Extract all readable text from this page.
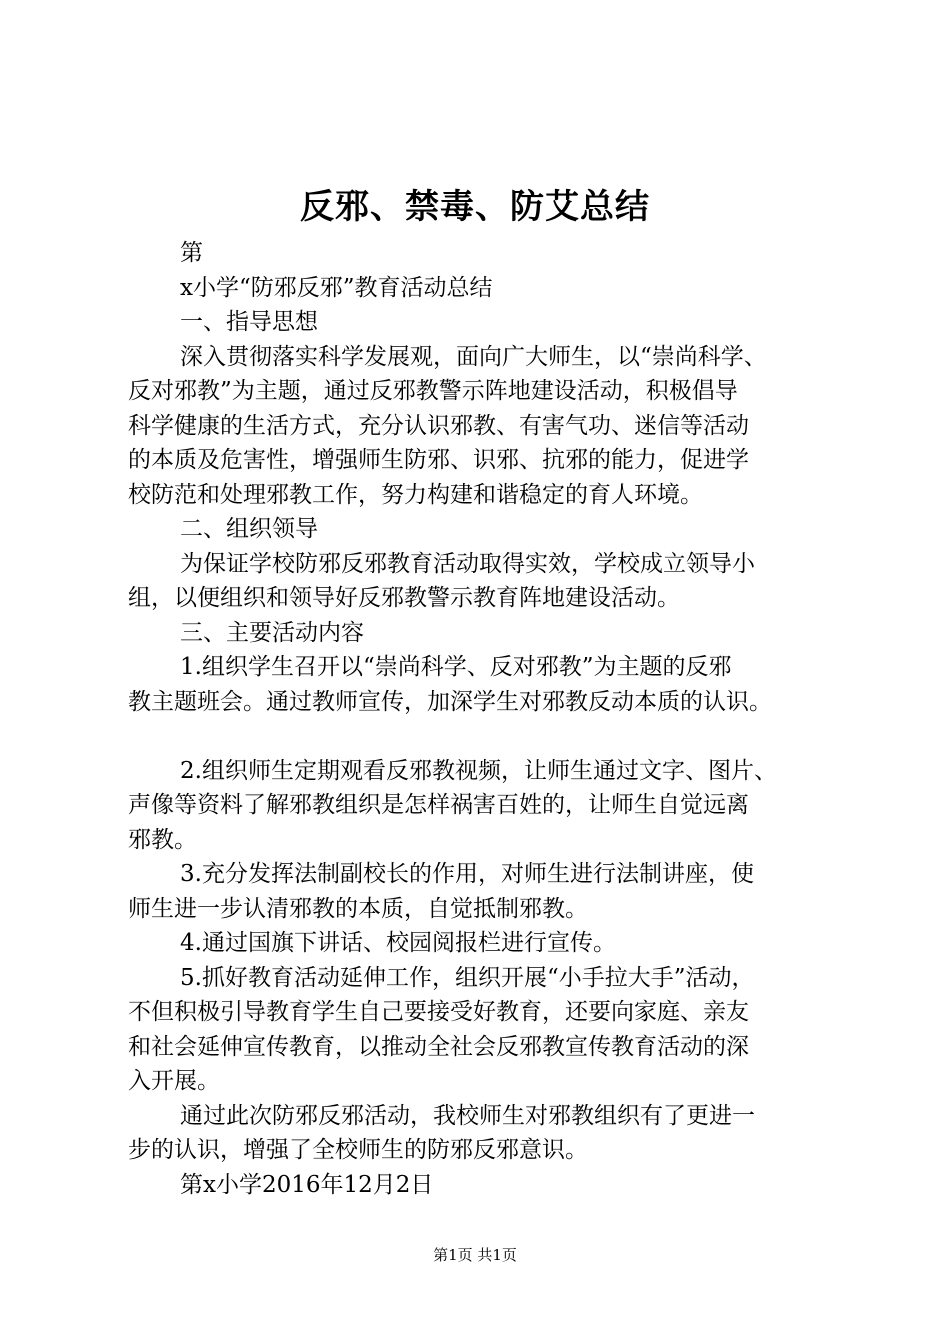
反邪、禁毒、防艾总结
第
x小学“防邪反邪”教育活动总结
一、指导思想
深入贯彻落实科学发展观，面向广大师生，以“崇尚科学、
反对邪教”为主题，通过反邪教警示阵地建设活动，积极倡导
科学健康的生活方式，充分认识邪教、有害气功、迷信等活动
的本质及危害性，增强师生防邪、识邪、抗邪的能力，促进学
校防范和处理邪教工作，努力构建和谐稳定的育人环境。
二、组织领导
为保证学校防邪反邪教育活动取得实效，学校成立领导小
组，以便组织和领导好反邪教警示教育阵地建设活动。
三、主要活动内容
1.组织学生召开以“崇尚科学、反对邪教”为主题的反邪
教主题班会。通过教师宣传，加深学生对邪教反动本质的认识。
2.组织师生定期观看反邪教视频，让师生通过文字、图片、
声像等资料了解邪教组织是怎样祸害百姓的，让师生自觉远离
邪教。
3.充分发挥法制副校长的作用，对师生进行法制讲座，使
师生进一步认清邪教的本质，自觉抵制邪教。
4.通过国旗下讲话、校园阅报栏进行宣传。
5.抓好教育活动延伸工作，组织开展“小手拉大手”活动，
不但积极引导教育学生自己要接受好教育，还要向家庭、亲友
和社会延伸宣传教育，以推动全社会反邪教宣传教育活动的深
入开展。
通过此次防邪反邪活动，我校师生对邪教组织有了更进一
步的认识，增强了全校师生的防邪反邪意识。
第x小学2016年12月2日
第1页 共1页
